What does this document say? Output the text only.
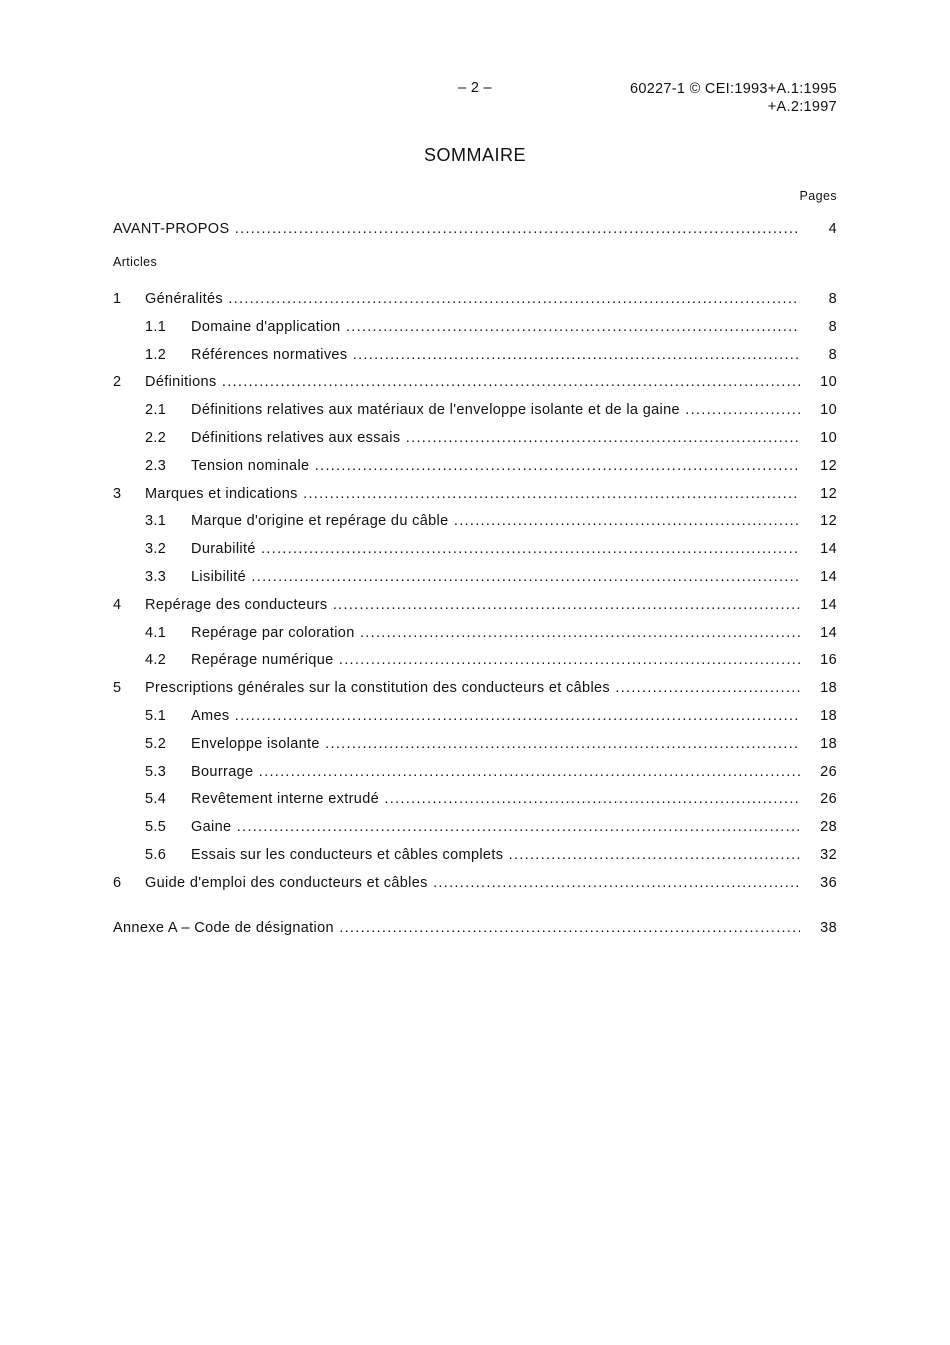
– 2 –	60227-1 © CEI:1993+A.1:1995
+A.2:1997
SOMMAIRE
Pages
AVANT-PROPOS .....	4
Articles
1 Généralités .....	8
1.1 Domaine d'application .....	8
1.2 Références normatives .....	8
2 Définitions .....	10
2.1 Définitions relatives aux matériaux de l'enveloppe isolante et de la gaine .....	10
2.2 Définitions relatives aux essais .....	10
2.3 Tension nominale .....	12
3 Marques et indications .....	12
3.1 Marque d'origine et repérage du câble .....	12
3.2 Durabilité .....	14
3.3 Lisibilité .....	14
4 Repérage des conducteurs .....	14
4.1 Repérage par coloration .....	14
4.2 Repérage numérique .....	16
5 Prescriptions générales sur la constitution des conducteurs et câbles .....	18
5.1 Ames .....	18
5.2 Enveloppe isolante .....	18
5.3 Bourrage .....	26
5.4 Revêtement interne extrudé .....	26
5.5 Gaine .....	28
5.6 Essais sur les conducteurs et câbles complets .....	32
6 Guide d'emploi des conducteurs et câbles .....	36
Annexe A – Code de désignation .....	38
